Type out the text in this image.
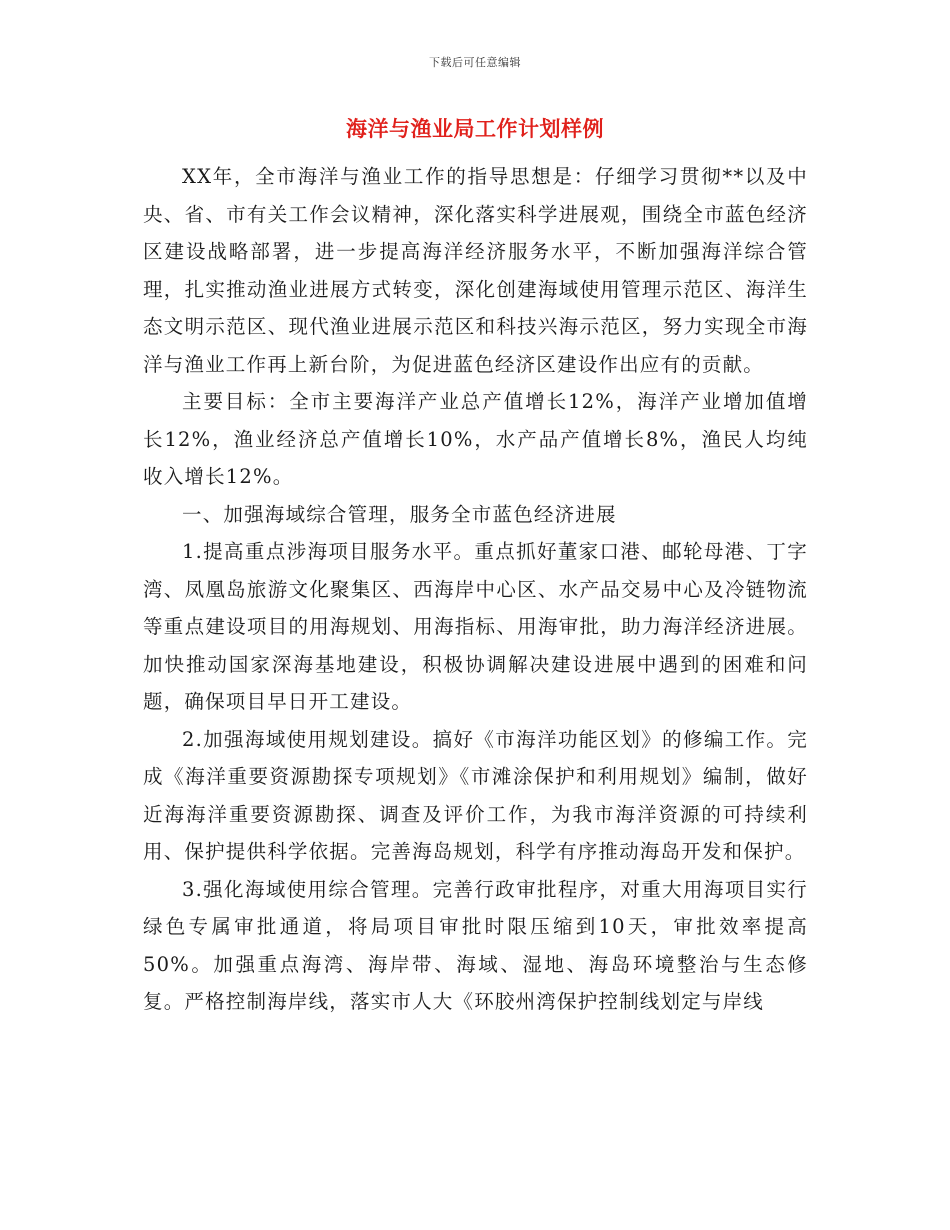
下载后可任意编辑
海洋与渔业局工作计划样例

XX年，全市海洋与渔业工作的指导思想是：仔细学习贯彻**以及中央、省、市有关工作会议精神，深化落实科学进展观，围绕全市蓝色经济区建设战略部署，进一步提高海洋经济服务水平，不断加强海洋综合管理，扎实推动渔业进展方式转变，深化创建海域使用管理示范区、海洋生态文明示范区、现代渔业进展示范区和科技兴海示范区，努力实现全市海洋与渔业工作再上新台阶，为促进蓝色经济区建设作出应有的贡献。

主要目标：全市主要海洋产业总产值增长12%，海洋产业增加值增长12%，渔业经济总产值增长10%，水产品产值增长8%，渔民人均纯收入增长12%。

一、加强海域综合管理，服务全市蓝色经济进展

1.提高重点涉海项目服务水平。重点抓好董家口港、邮轮母港、丁字湾、凤凰岛旅游文化聚集区、西海岸中心区、水产品交易中心及冷链物流等重点建设项目的用海规划、用海指标、用海审批，助力海洋经济进展。加快推动国家深海基地建设，积极协调解决建设进展中遇到的困难和问题，确保项目早日开工建设。

2.加强海域使用规划建设。搞好《市海洋功能区划》的修编工作。完成《海洋重要资源勘探专项规划》《市滩涂保护和利用规划》编制，做好近海海洋重要资源勘探、调查及评价工作，为我市海洋资源的可持续利用、保护提供科学依据。完善海岛规划，科学有序推动海岛开发和保护。

3.强化海域使用综合管理。完善行政审批程序，对重大用海项目实行绿色专属审批通道，将局项目审批时限压缩到10天，审批效率提高50%。加强重点海湾、海岸带、海域、湿地、海岛环境整治与生态修复。严格控制海岸线，落实市人大《环胶州湾保护控制线划定与岸线
